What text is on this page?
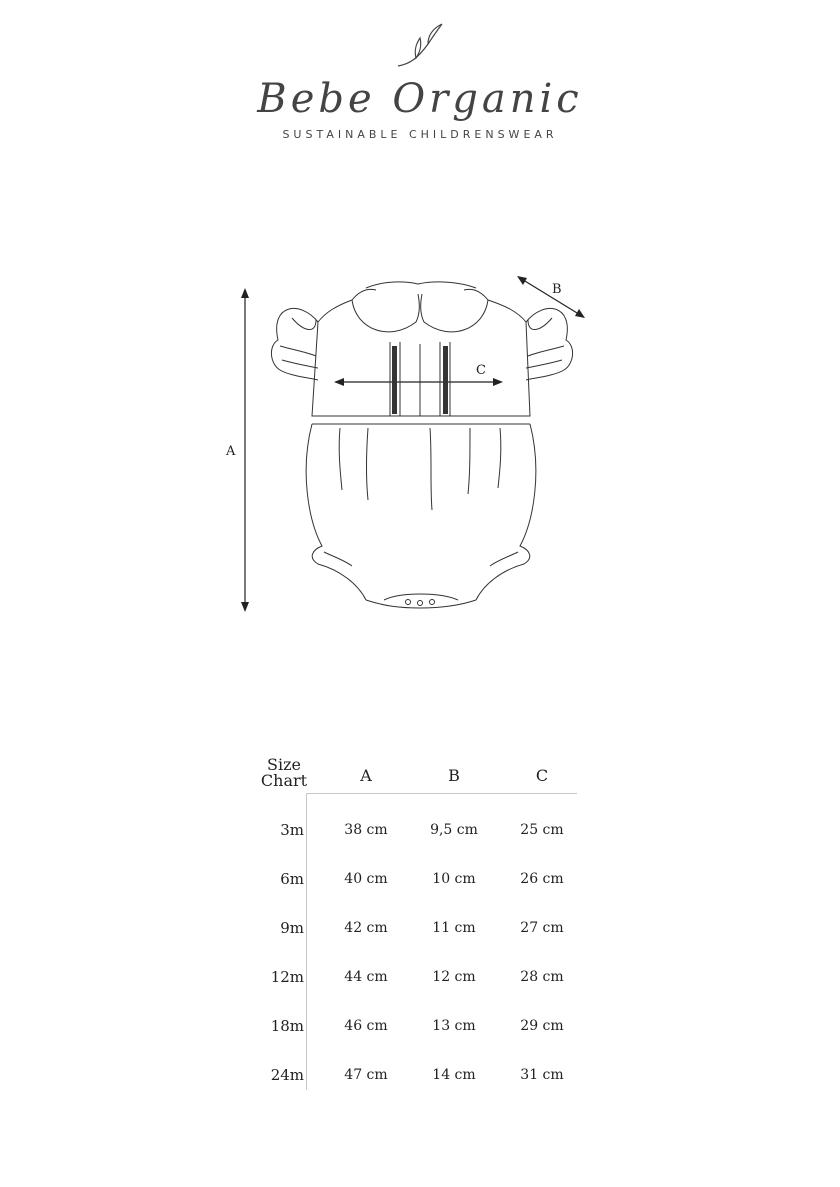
Bebe Organic
SUSTAINABLE CHILDRENSWEAR
A
B
C
Size
Chart	A	B	C
3m	38 cm	9,5 cm	25 cm
6m	40 cm	10 cm	26 cm
9m	42 cm	11 cm	27 cm
12m	44 cm	12 cm	28 cm
18m	46 cm	13 cm	29 cm
24m	47 cm	14 cm	31 cm
